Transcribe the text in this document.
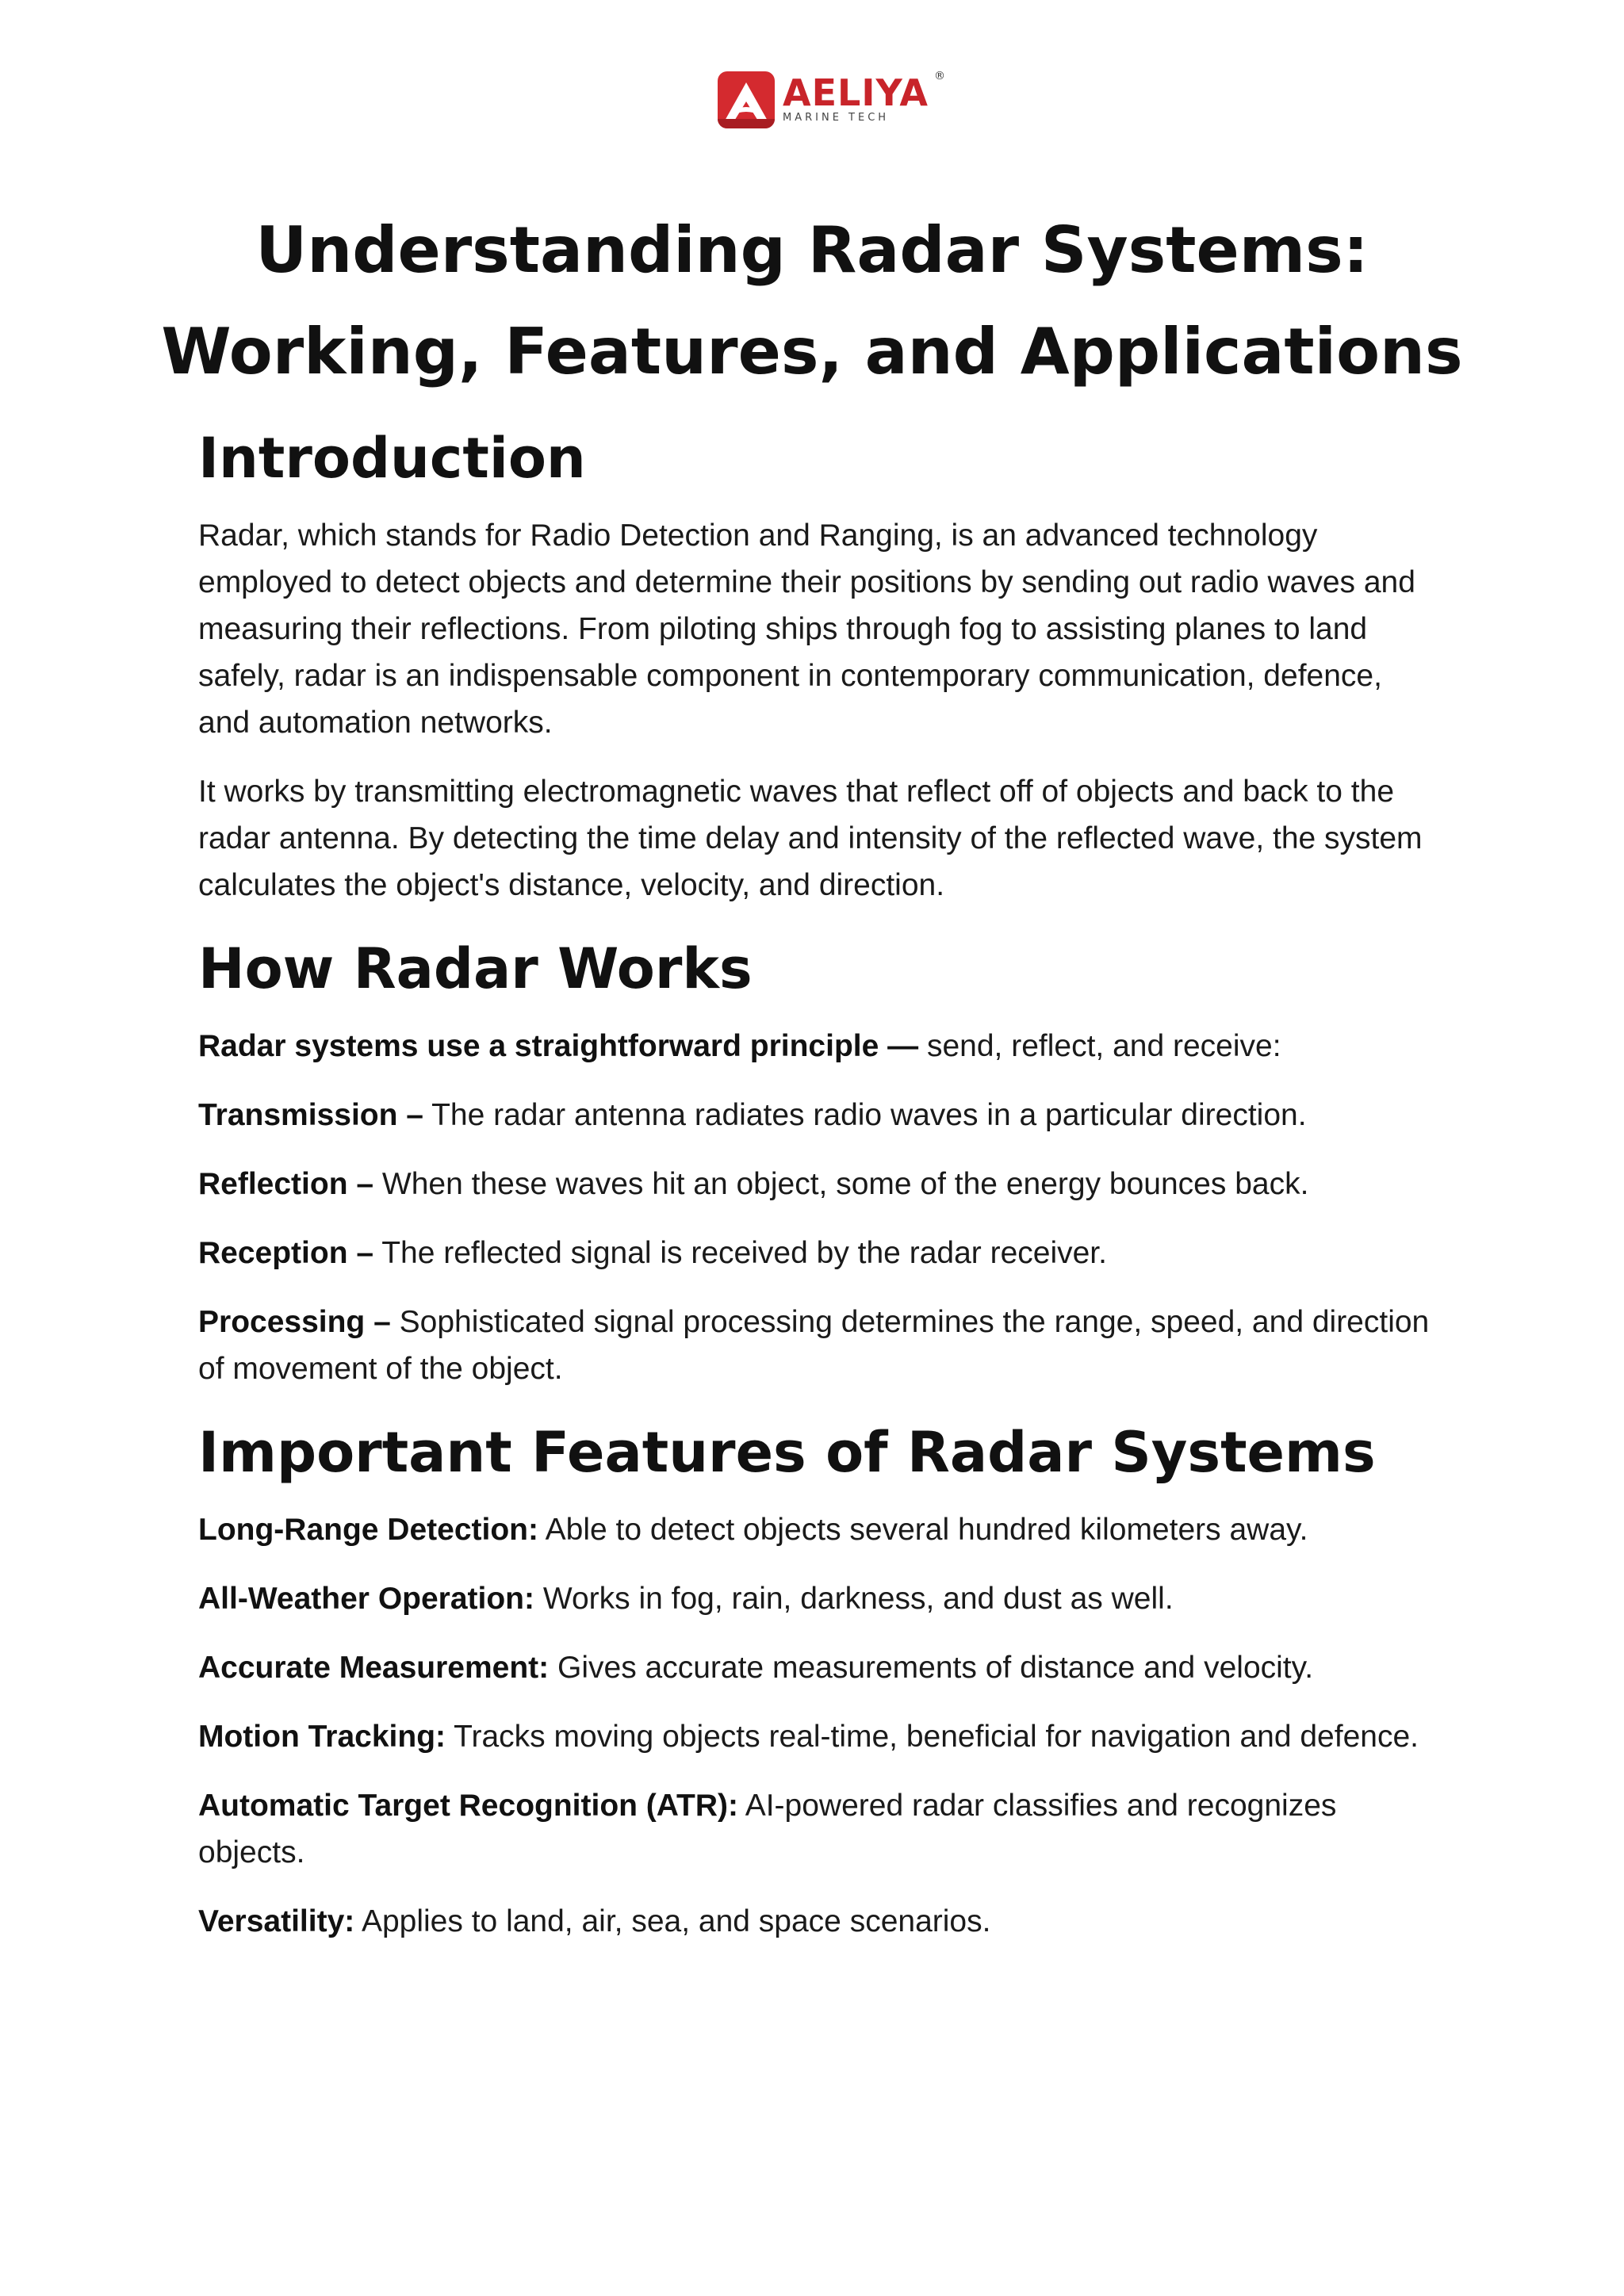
AELIYA ®
MARINE TECH
Understanding Radar Systems:
Working, Features, and Applications
Introduction

Radar, which stands for Radio Detection and Ranging, is an advanced technology employed to detect objects and determine their positions by sending out radio waves and measuring their reflections. From piloting ships through fog to assisting planes to land safely, radar is an indispensable component in contemporary communication, defence, and automation networks.

It works by transmitting electromagnetic waves that reflect off of objects and back to the radar antenna. By detecting the time delay and intensity of the reflected wave, the system calculates the object's distance, velocity, and direction.

How Radar Works

Radar systems use a straightforward principle — send, reflect, and receive:

Transmission – The radar antenna radiates radio waves in a particular direction.

Reflection – When these waves hit an object, some of the energy bounces back.

Reception – The reflected signal is received by the radar receiver.

Processing – Sophisticated signal processing determines the range, speed, and direction of movement of the object.

Important Features of Radar Systems

Long-Range Detection: Able to detect objects several hundred kilometers away.

All-Weather Operation: Works in fog, rain, darkness, and dust as well.

Accurate Measurement: Gives accurate measurements of distance and velocity.

Motion Tracking: Tracks moving objects real-time, beneficial for navigation and defence.

Automatic Target Recognition (ATR): AI-powered radar classifies and recognizes objects.

Versatility: Applies to land, air, sea, and space scenarios.
